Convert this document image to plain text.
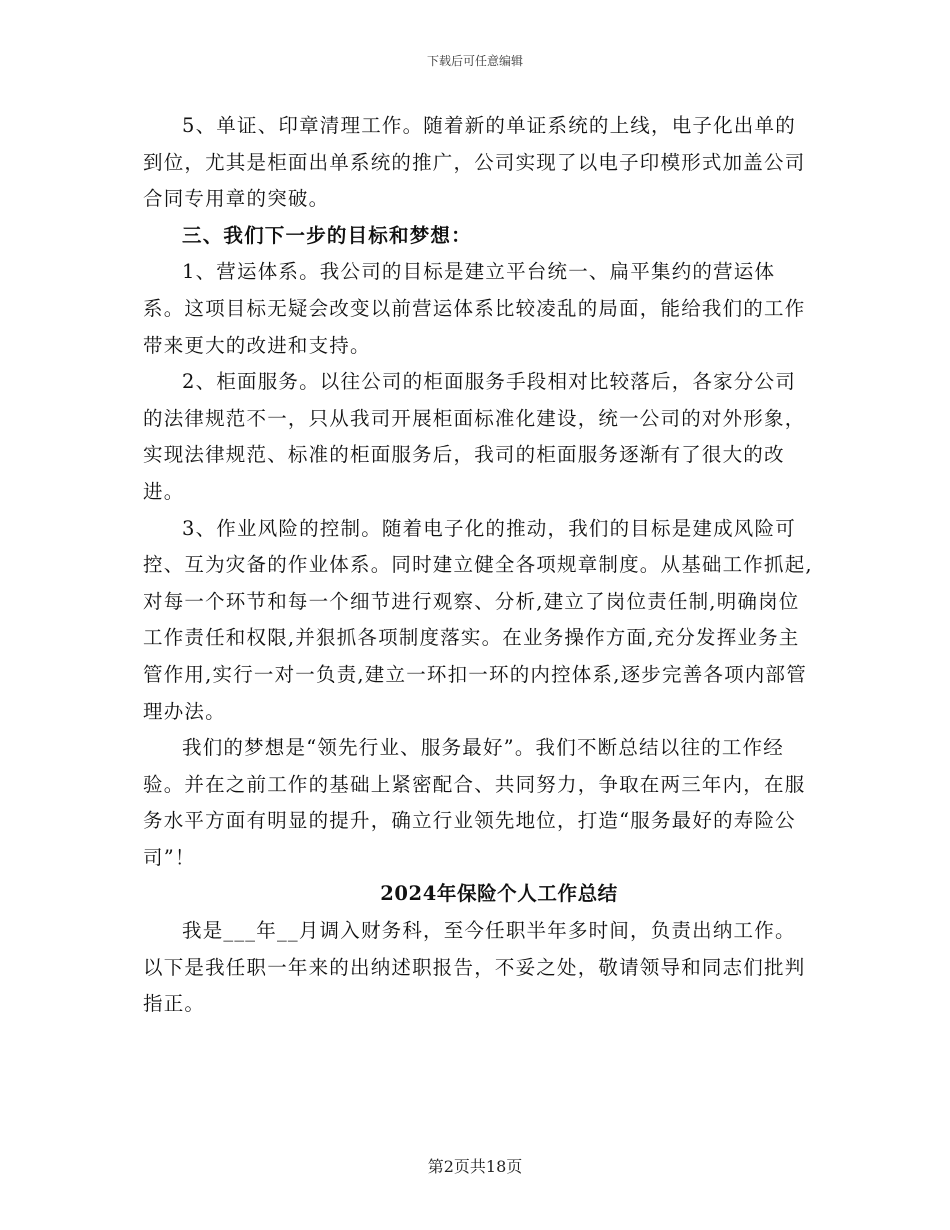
下载后可任意编辑

5、单证、印章清理工作。随着新的单证系统的上线，电子化出单的到位，尤其是柜面出单系统的推广，公司实现了以电子印模形式加盖公司合同专用章的突破。

三、我们下一步的目标和梦想：

1、营运体系。我公司的目标是建立平台统一、扁平集约的营运体系。这项目标无疑会改变以前营运体系比较凌乱的局面，能给我们的工作带来更大的改进和支持。

2、柜面服务。以往公司的柜面服务手段相对比较落后，各家分公司的法律规范不一，只从我司开展柜面标准化建设，统一公司的对外形象，实现法律规范、标准的柜面服务后，我司的柜面服务逐渐有了很大的改进。

3、作业风险的控制。随着电子化的推动，我们的目标是建成风险可控、互为灾备的作业体系。同时建立健全各项规章制度。从基础工作抓起,对每一个环节和每一个细节进行观察、分析,建立了岗位责任制,明确岗位工作责任和权限,并狠抓各项制度落实。在业务操作方面,充分发挥业务主管作用,实行一对一负责,建立一环扣一环的内控体系,逐步完善各项内部管理办法。

我们的梦想是“领先行业、服务最好”。我们不断总结以往的工作经验。并在之前工作的基础上紧密配合、共同努力，争取在两三年内，在服务水平方面有明显的提升，确立行业领先地位，打造“服务最好的寿险公司”！

2024年保险个人工作总结

我是___年__月调入财务科，至今任职半年多时间，负责出纳工作。以下是我任职一年来的出纳述职报告，不妥之处，敬请领导和同志们批判指正。

第2页共18页
